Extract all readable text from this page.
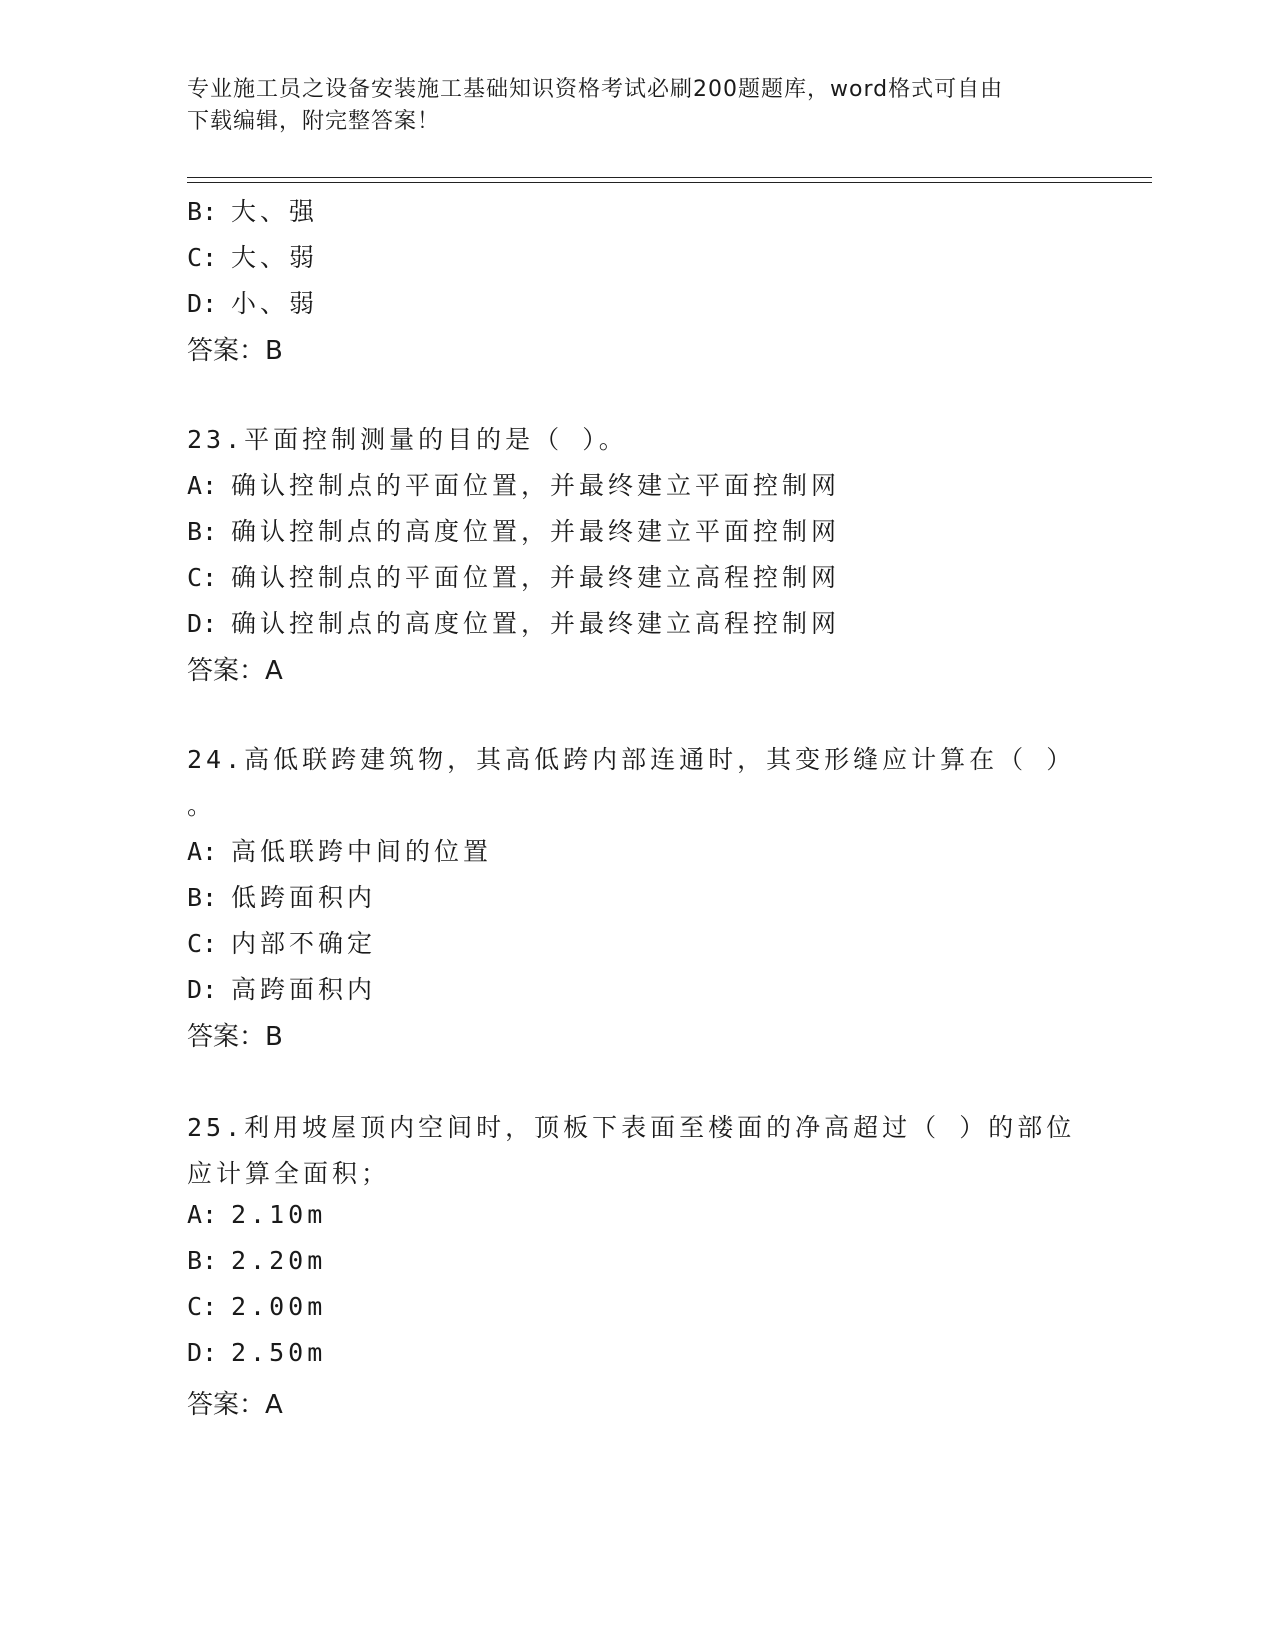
专业施工员之设备安装施工基础知识资格考试必刷200题题库，word格式可自由
下载编辑，附完整答案！
B: 大、强
C: 大、弱
D: 小、弱
答案：B
23.平面控制测量的目的是（ ）。
A: 确认控制点的平面位置，并最终建立平面控制网
B: 确认控制点的高度位置，并最终建立平面控制网
C: 确认控制点的平面位置，并最终建立高程控制网
D: 确认控制点的高度位置，并最终建立高程控制网
答案：A
24.高低联跨建筑物，其高低跨内部连通时，其变形缝应计算在（ ）
。
A: 高低联跨中间的位置
B: 低跨面积内
C: 内部不确定
D: 高跨面积内
答案：B
25.利用坡屋顶内空间时，顶板下表面至楼面的净高超过（ ）的部位
应计算全面积；
A: 2.10m
B: 2.20m
C: 2.00m
D: 2.50m
答案：A
